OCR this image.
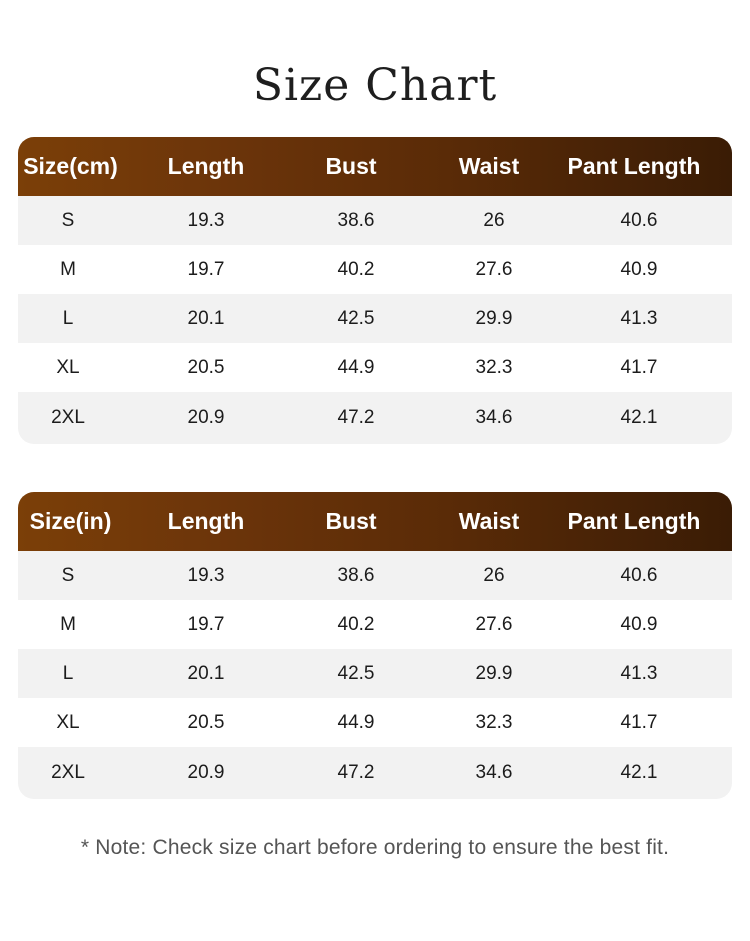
Size Chart
Size(cm)	Length	Bust	Waist	Pant Length
S	19.3	38.6	26	40.6
M	19.7	40.2	27.6	40.9
L	20.1	42.5	29.9	41.3
XL	20.5	44.9	32.3	41.7
2XL	20.9	47.2	34.6	42.1
Size(in)	Length	Bust	Waist	Pant Length
S	19.3	38.6	26	40.6
M	19.7	40.2	27.6	40.9
L	20.1	42.5	29.9	41.3
XL	20.5	44.9	32.3	41.7
2XL	20.9	47.2	34.6	42.1
* Note: Check size chart before ordering to ensure the best fit.
